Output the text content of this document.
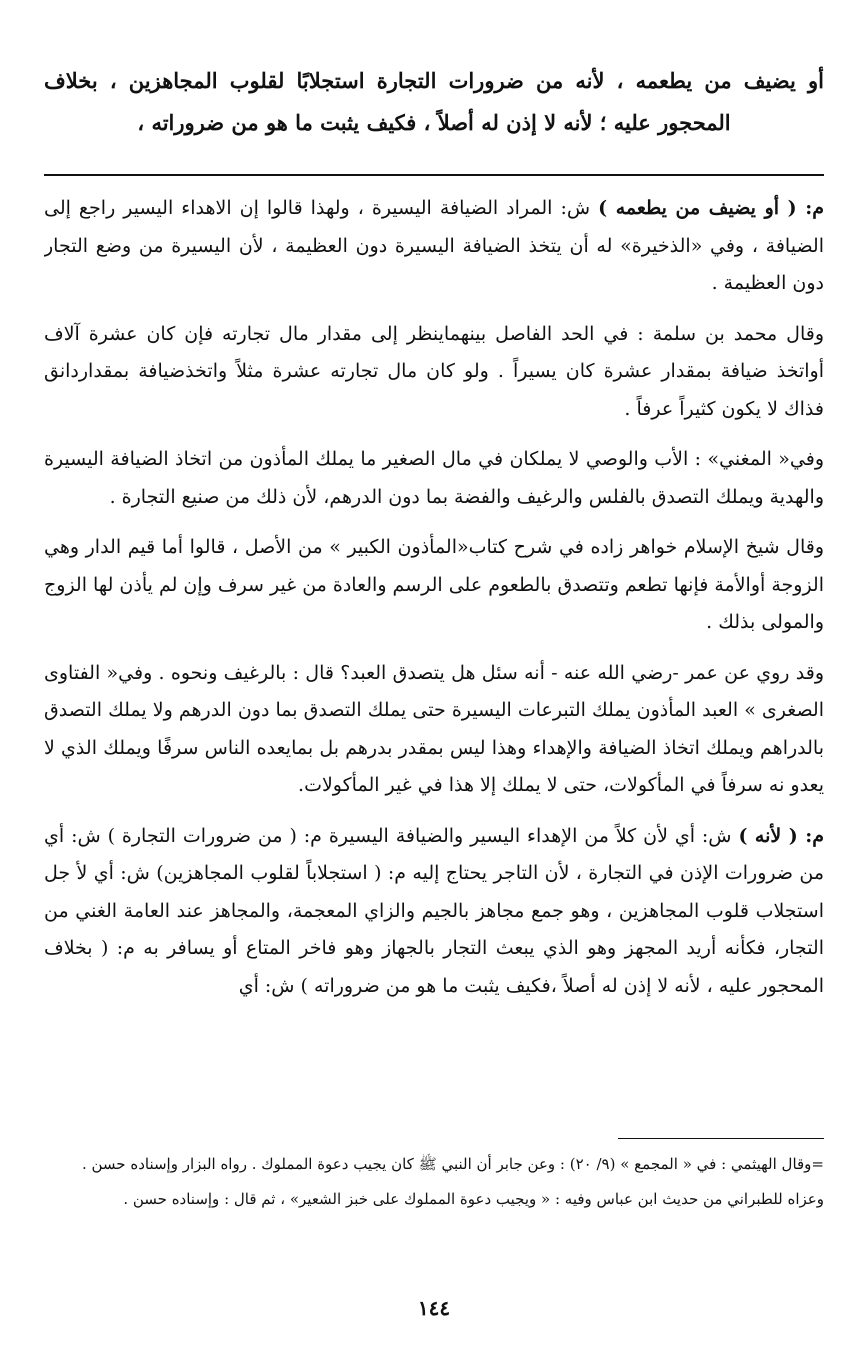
أو يضيف من يطعمه ، لأنه من ضرورات التجارة استجلابًا لقلوب المجاهزين ، بخلاف المحجور عليه ؛ لأنه لا إذن له أصلاً ، فكيف يثبت ما هو من ضروراته ،

م: ( أو يضيف من يطعمه ) ش: المراد الضيافة اليسيرة ، ولهذا قالوا إن الاهداء اليسير راجع إلى الضيافة ، وفي «الذخيرة» له أن يتخذ الضيافة اليسيرة دون العظيمة ، لأن اليسيرة من وضع التجار دون العظيمة .

وقال محمد بن سلمة : في الحد الفاصل بينهماينظر إلى مقدار مال تجارته فإن كان عشرة آلاف أواتخذ ضيافة بمقدار عشرة كان يسيراً . ولو كان مال تجارته عشرة مثلاً واتخذضيافة بمقداردانق فذاك لا يكون كثيراً عرفاً .

وفي« المغني» : الأب والوصي لا يملكان في مال الصغير ما يملك المأذون من اتخاذ الضيافة اليسيرة والهدية ويملك التصدق بالفلس والرغيف والفضة بما دون الدرهم، لأن ذلك من صنيع التجارة .

وقال شيخ الإسلام خواهر زاده في شرح كتاب«المأذون الكبير » من الأصل ، قالوا أما قيم الدار وهي الزوجة أوالأمة فإنها تطعم وتتصدق بالطعوم على الرسم والعادة من غير سرف وإن لم يأذن لها الزوج والمولى بذلك .

وقد روي عن عمر -رضي الله عنه - أنه سئل هل يتصدق العبد؟ قال : بالرغيف ونحوه . وفي« الفتاوى الصغرى » العبد المأذون يملك التبرعات اليسيرة حتى يملك التصدق بما دون الدرهم ولا يملك التصدق بالدراهم ويملك اتخاذ الضيافة والإهداء وهذا ليس بمقدر بدرهم بل بمايعده الناس سرفًا ويملك الذي لا يعدو نه سرفاً في المأكولات، حتى لا يملك إلا هذا في غير المأكولات.

م: ( لأنه ) ش: أي لأن كلاً من الإهداء اليسير والضيافة اليسيرة م: ( من ضرورات التجارة ) ش: أي من ضرورات الإذن في التجارة ، لأن التاجر يحتاج إليه م: ( استجلاباً لقلوب المجاهزين) ش: أي لأ جل استجلاب قلوب المجاهزين ، وهو جمع مجاهز بالجيم والزاي المعجمة، والمجاهز عند العامة الغني من التجار، فكأنه أريد المجهز وهو الذي يبعث التجار بالجهاز وهو فاخر المتاع أو يسافر به م: ( بخلاف المحجور عليه ، لأنه لا إذن له أصلاً ،فكيف يثبت ما هو من ضروراته ) ش: أي

=وقال الهيثمي : في « المجمع » (٩/ ٢٠) : وعن جابر أن النبي ﷺ كان يجيب دعوة المملوك . رواه البزار وإسناده حسن .

وعزاه للطبراني من حديث ابن عباس وفيه : « ويجيب دعوة المملوك على خبز الشعير» ، ثم قال : وإسناده حسن .

١٤٤
